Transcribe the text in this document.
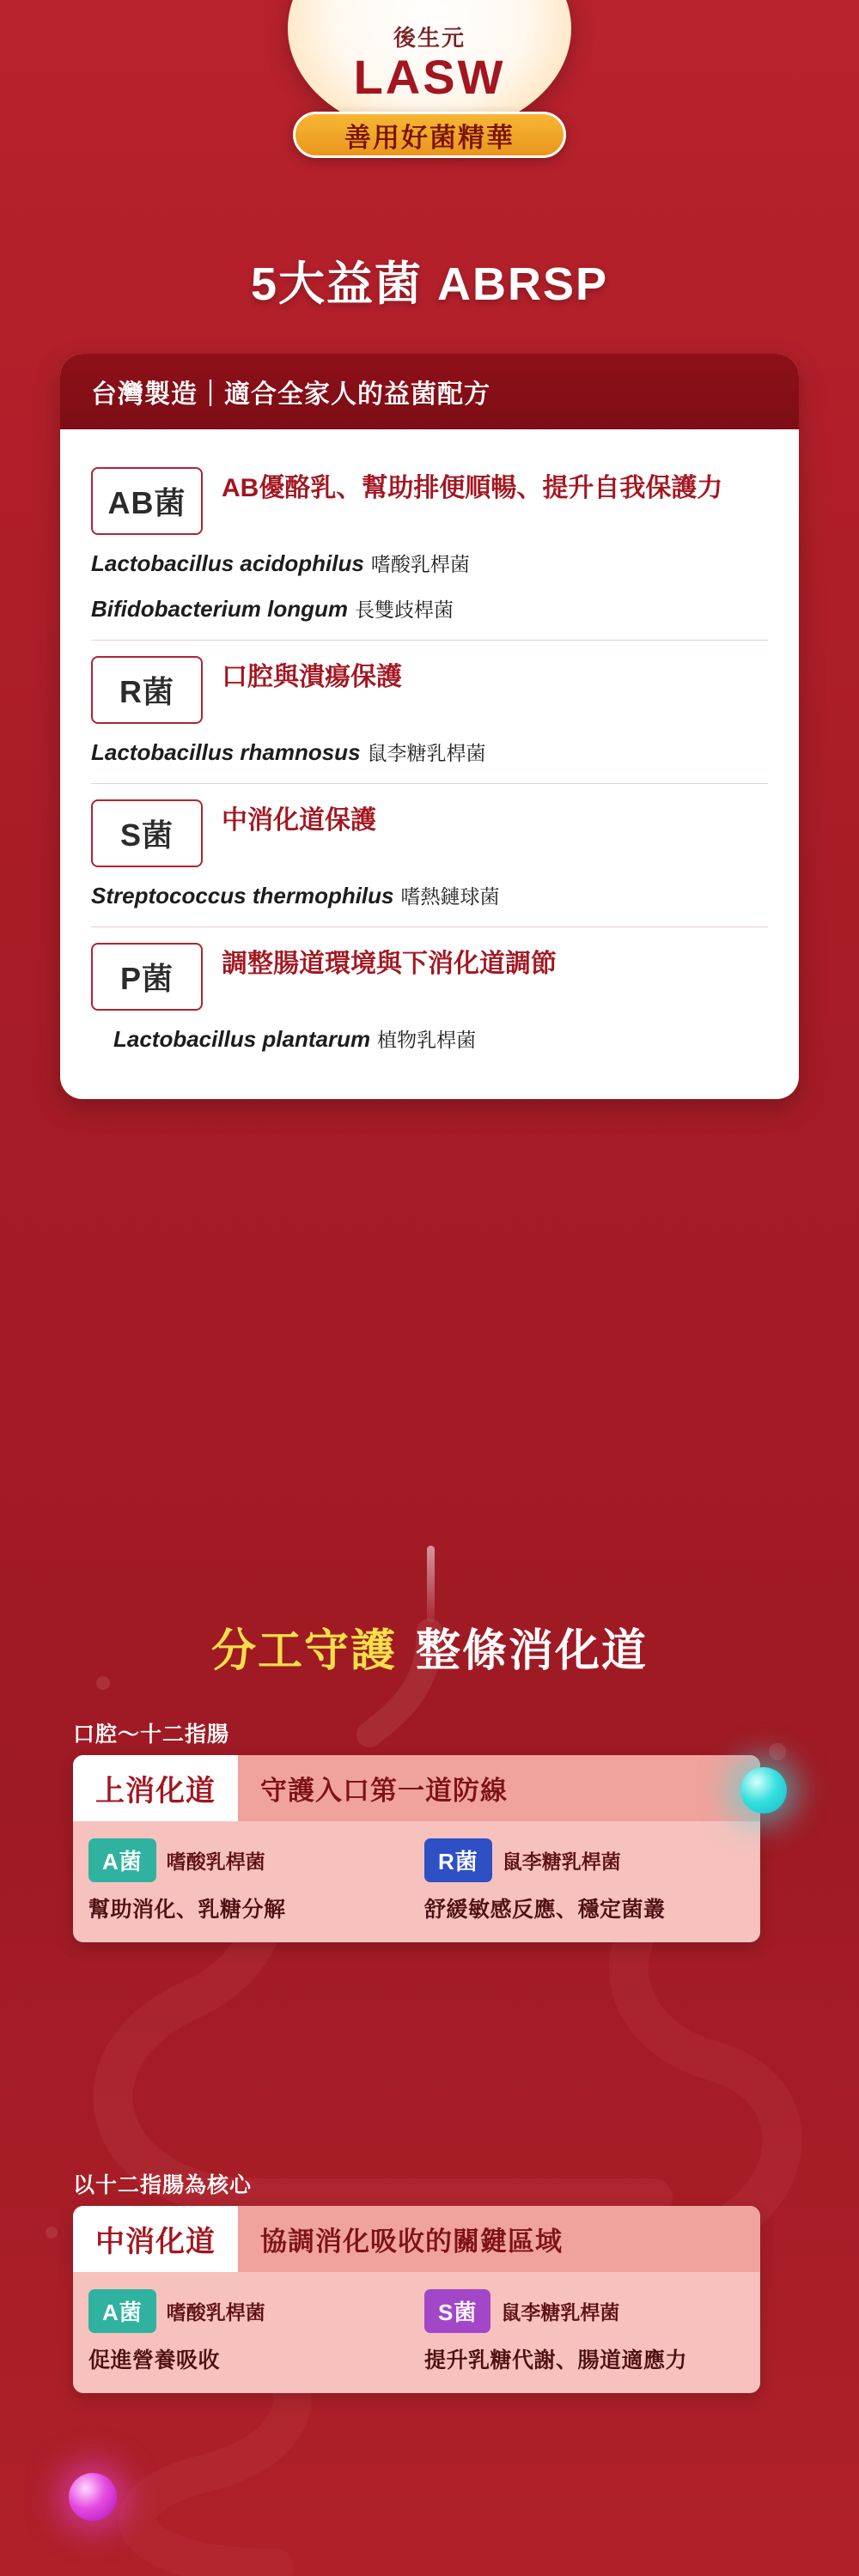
後生元
LASW
善用好菌精華
5大益菌 ABRSP
台灣製造｜適合全家人的益菌配方
AB菌	AB優酪乳、幫助排便順暢、提升自我保護力
Lactobacillus acidophilus 嗜酸乳桿菌
Bifidobacterium longum 長雙歧桿菌
R菌	口腔與潰瘍保護
Lactobacillus rhamnosus 鼠李糖乳桿菌
S菌	中消化道保護
Streptococcus thermophilus 嗜熱鏈球菌
P菌	調整腸道環境與下消化道調節
Lactobacillus plantarum 植物乳桿菌
分工守護 整條消化道
口腔～十二指腸
上消化道	守護入口第一道防線
A菌	嗜酸乳桿菌
幫助消化、乳糖分解
R菌	鼠李糖乳桿菌
舒緩敏感反應、穩定菌叢
以十二指腸為核心
中消化道	協調消化吸收的關鍵區域
A菌	嗜酸乳桿菌
促進營養吸收
S菌	鼠李糖乳桿菌
提升乳糖代謝、腸道適應力
